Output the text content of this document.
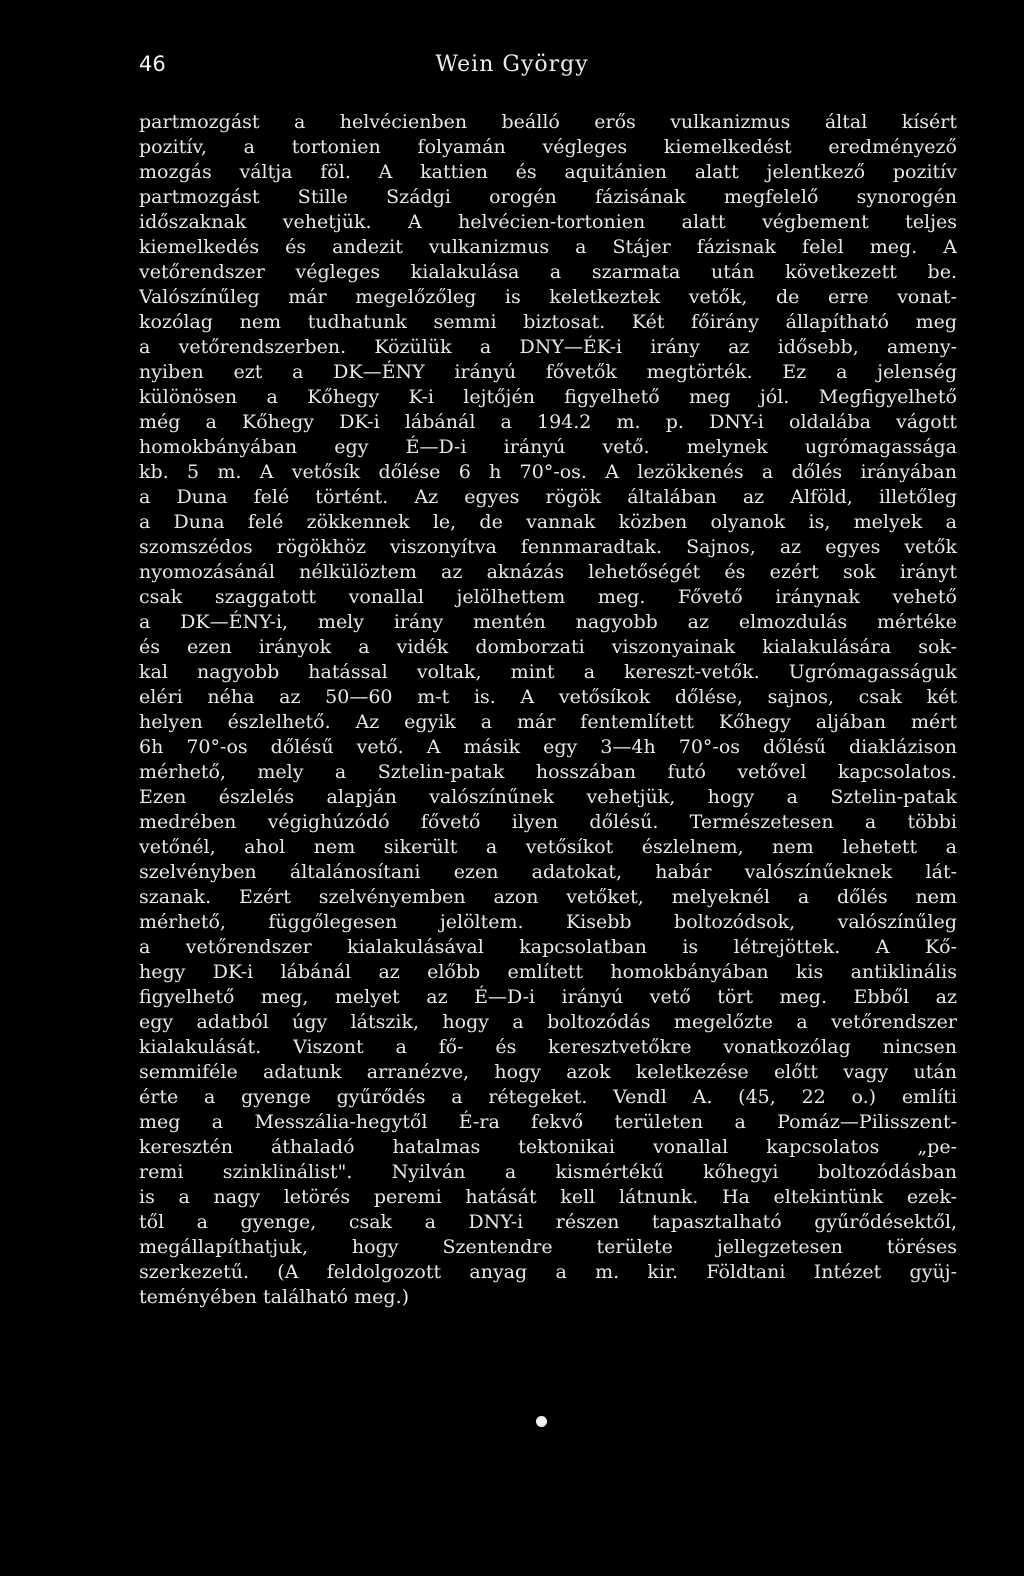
46	Wein György
partmozgást a helvécienben beálló erős vulkanizmus által kísért
pozitív, a tortonien folyamán végleges kiemelkedést eredményező
mozgás váltja föl. A kattien és aquitánien alatt jelentkező pozitív
partmozgást Stille Szádgi orogén fázisának megfelelő synorogén
időszaknak vehetjük. A helvécien-tortonien alatt végbement teljes
kiemelkedés és andezit vulkanizmus a Stájer fázisnak felel meg. A
vetőrendszer végleges kialakulása a szarmata után következett be.
Valószínűleg már megelőzőleg is keletkeztek vetők, de erre vonat-
kozólag nem tudhatunk semmi biztosat. Két főirány állapítható meg
a vetőrendszerben. Közülük a DNY—ÉK-i irány az idősebb, ameny-
nyiben ezt a DK—ÉNY irányú fővetők megtörték. Ez a jelenség
különösen a Kőhegy K-i lejtőjén figyelhető meg jól. Megfigyelhető
még a Kőhegy DK-i lábánál a 194.2 m. p. DNY-i oldalába vágott
homokbányában egy É—D-i irányú vető. melynek ugrómagassága
kb. 5 m. A vetősík dőlése 6 h 70°-os. A lezökkenés a dőlés irányában
a Duna felé történt. Az egyes rögök általában az Alföld, illetőleg
a Duna felé zökkennek le, de vannak közben olyanok is, melyek a
szomszédos rögökhöz viszonyítva fennmaradtak. Sajnos, az egyes vetők
nyomozásánál nélkülöztem az aknázás lehetőségét és ezért sok irányt
csak szaggatott vonallal jelölhettem meg. Fővető iránynak vehető
a DK—ÉNY-i, mely irány mentén nagyobb az elmozdulás mértéke
és ezen irányok a vidék domborzati viszonyainak kialakulására sok-
kal nagyobb hatással voltak, mint a kereszt-vetők. Ugrómagasságuk
eléri néha az 50—60 m-t is. A vetősíkok dőlése, sajnos, csak két
helyen észlelhető. Az egyik a már fentemlített Kőhegy aljában mért
6h 70°-os dőlésű vető. A másik egy 3—4h 70°-os dőlésű diaklázison
mérhető, mely a Sztelin-patak hosszában futó vetővel kapcsolatos.
Ezen észlelés alapján valószínűnek vehetjük, hogy a Sztelin-patak
medrében végighúzódó fővető ilyen dőlésű. Természetesen a többi
vetőnél, ahol nem sikerült a vetősíkot észlelnem, nem lehetett a
szelvényben általánosítani ezen adatokat, habár valószínűeknek lát-
szanak. Ezért szelvényemben azon vetőket, melyeknél a dőlés nem
mérhető, függőlegesen jelöltem. Kisebb boltozódsok, valószínűleg
a vetőrendszer kialakulásával kapcsolatban is létrejöttek. A Kő-
hegy DK-i lábánál az előbb említett homokbányában kis antiklinális
figyelhető meg, melyet az É—D-i irányú vető tört meg. Ebből az
egy adatból úgy látszik, hogy a boltozódás megelőzte a vetőrendszer
kialakulását. Viszont a fő- és keresztvetőkre vonatkozólag nincsen
semmiféle adatunk arranézve, hogy azok keletkezése előtt vagy után
érte a gyenge gyűrődés a rétegeket. Vendl A. (45, 22 o.) említi
meg a Messzália-hegytől É-ra fekvő területen a Pomáz—Pilisszent-
keresztén áthaladó hatalmas tektonikai vonallal kapcsolatos „pe-
remi szinklinálist". Nyilván a kismértékű kőhegyi boltozódásban
is a nagy letörés peremi hatását kell látnunk. Ha eltekintünk ezek-
től a gyenge, csak a DNY-i részen tapasztalható gyűrődésektől,
megállapíthatjuk, hogy Szentendre területe jellegzetesen töréses
szerkezetű. (A feldolgozott anyag a m. kir. Földtani Intézet gyüj-
teményében található meg.)
